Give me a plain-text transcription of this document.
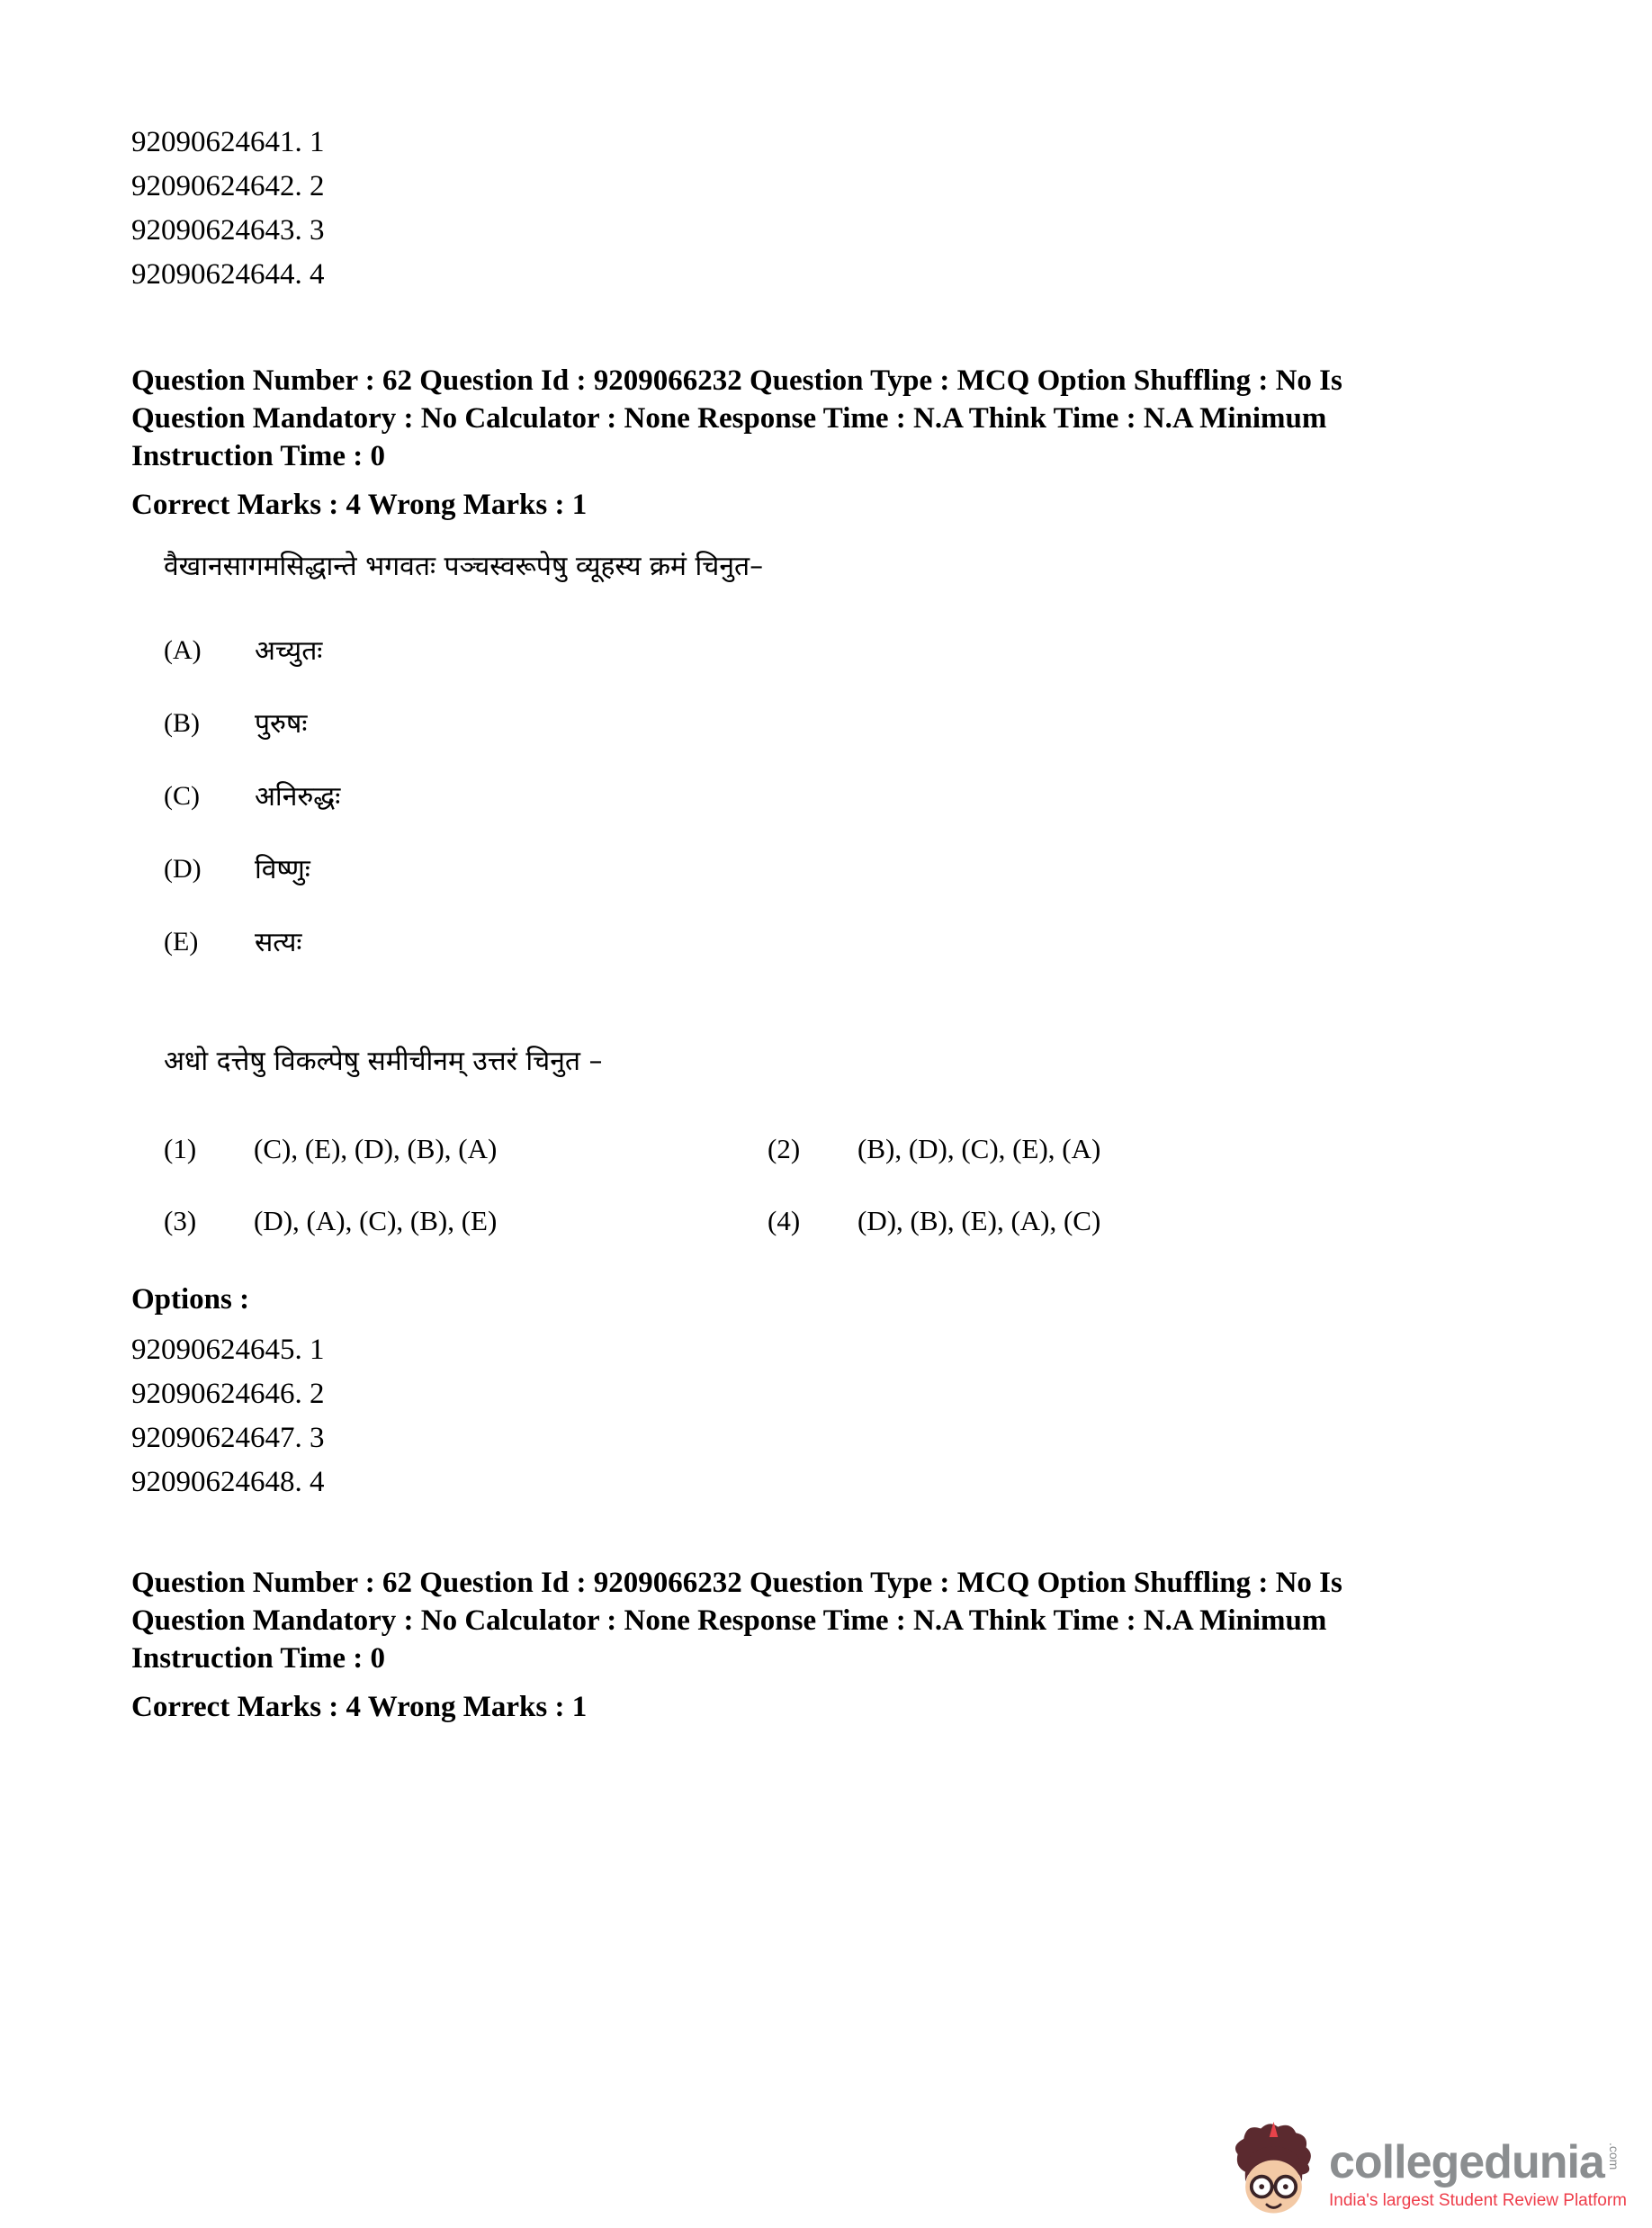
92090624641. 1
92090624642. 2
92090624643. 3
92090624644. 4
Question Number : 62 Question Id : 9209066232 Question Type : MCQ Option Shuffling : No Is
Question Mandatory : No Calculator : None Response Time : N.A Think Time : N.A Minimum
Instruction Time : 0
Correct Marks : 4 Wrong Marks : 1
वैखानसागमसिद्धान्ते भगवतः पञ्चस्वरूपेषु व्यूहस्य क्रमं चिनुत–
(A)	अच्युतः
(B)	पुरुषः
(C)	अनिरुद्धः
(D)	विष्णुः
(E)	सत्यः
अधो दत्तेषु विकल्पेषु समीचीनम् उत्तरं चिनुत –
(1)	(C), (E), (D), (B), (A)	(2)	(B), (D), (C), (E), (A)
(3)	(D), (A), (C), (B), (E)	(4)	(D), (B), (E), (A), (C)
Options :
92090624645. 1
92090624646. 2
92090624647. 3
92090624648. 4
Question Number : 62 Question Id : 9209066232 Question Type : MCQ Option Shuffling : No Is
Question Mandatory : No Calculator : None Response Time : N.A Think Time : N.A Minimum
Instruction Time : 0
Correct Marks : 4 Wrong Marks : 1
collegedunia .com
India's largest Student Review Platform
